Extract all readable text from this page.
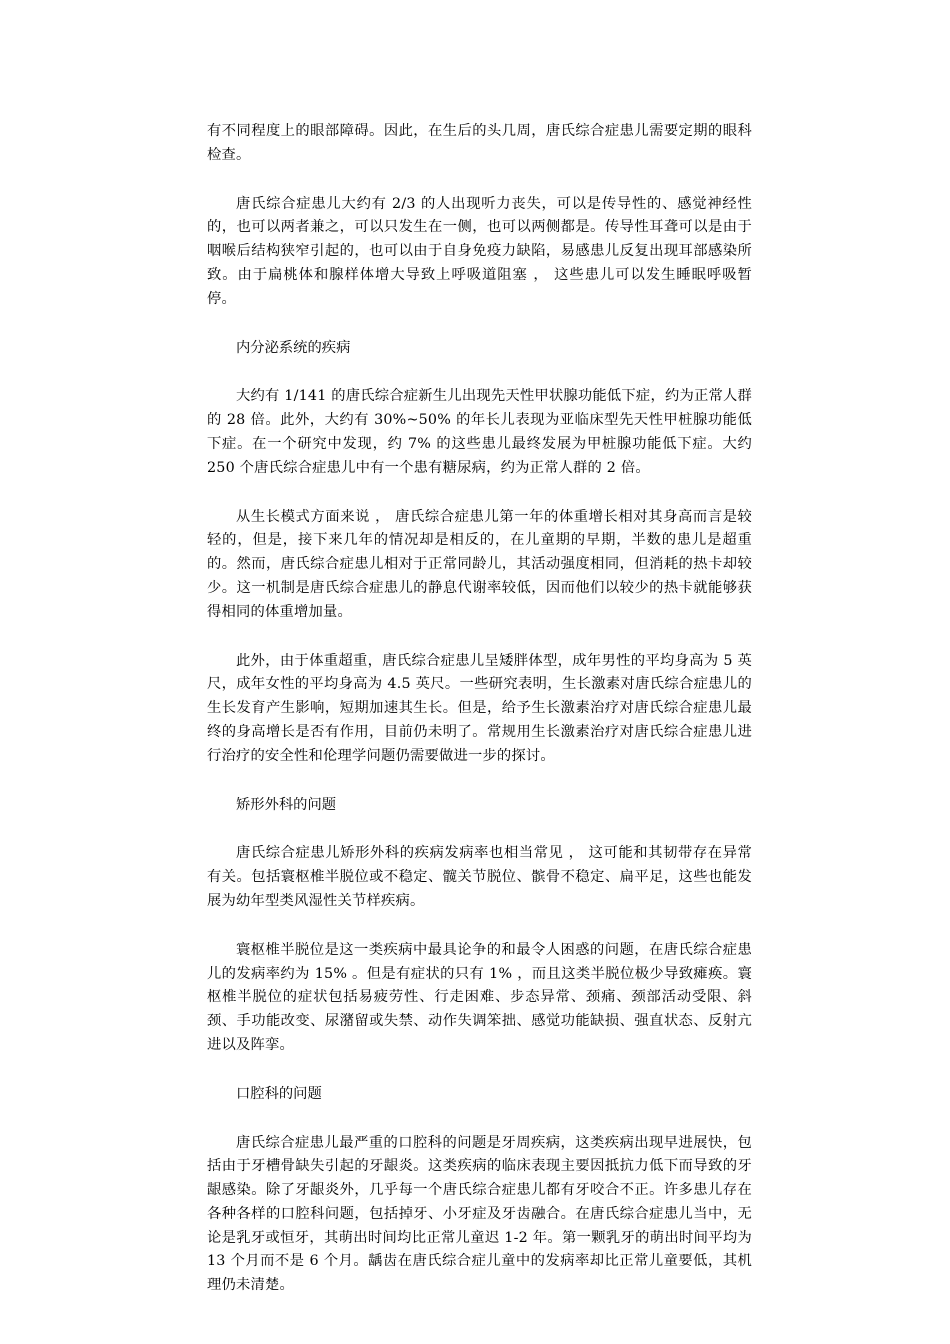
有不同程度上的眼部障碍。因此，在生后的头几周，唐氏综合症患儿需要定期的眼科检查。

唐氏综合症患儿大约有 2/3 的人出现听力丧失，可以是传导性的、感觉神经性的，也可以两者兼之，可以只发生在一侧，也可以两侧都是。传导性耳聋可以是由于咽喉后结构狭窄引起的，也可以由于自身免疫力缺陷，易感患儿反复出现耳部感染所致。由于扁桃体和腺样体增大导致上呼吸道阻塞 ， 这些患儿可以发生睡眠呼吸暂停。

内分泌系统的疾病

大约有 1/141 的唐氏综合症新生儿出现先天性甲状腺功能低下症，约为正常人群的 28 倍。此外，大约有 30%~50% 的年长儿表现为亚临床型先天性甲桩腺功能低下症。在一个研究中发现，约 7% 的这些患儿最终发展为甲桩腺功能低下症。大约 250 个唐氏综合症患儿中有一个患有糖尿病，约为正常人群的 2 倍。

从生长模式方面来说 ， 唐氏综合症患儿第一年的体重增长相对其身高而言是较轻的，但是，接下来几年的情况却是相反的，在儿童期的早期，半数的患儿是超重的。然而，唐氏综合症患儿相对于正常同龄儿，其活动强度相同，但消耗的热卡却较少。这一机制是唐氏综合症患儿的静息代谢率较低，因而他们以较少的热卡就能够获得相同的体重增加量。

此外，由于体重超重，唐氏综合症患儿呈矮胖体型，成年男性的平均身高为 5 英尺，成年女性的平均身高为 4.5 英尺。一些研究表明，生长激素对唐氏综合症患儿的生长发育产生影响，短期加速其生长。但是，给予生长激素治疗对唐氏综合症患儿最终的身高增长是否有作用，目前仍未明了。常规用生长激素治疗对唐氏综合症患儿进行治疗的安全性和伦理学问题仍需要做进一步的探讨。

矫形外科的问题

唐氏综合症患儿矫形外科的疾病发病率也相当常见 ， 这可能和其韧带存在异常有关。包括寰枢椎半脱位或不稳定、髋关节脱位、髌骨不稳定、扁平足，这些也能发展为幼年型类风湿性关节样疾病。

寰枢椎半脱位是这一类疾病中最具论争的和最令人困惑的问题，在唐氏综合症患儿的发病率约为 15% 。但是有症状的只有 1% ，而且这类半脱位极少导致瘫痪。寰枢椎半脱位的症状包括易疲劳性、行走困难、步态异常、颈痛、颈部活动受限、斜颈、手功能改变、尿潴留或失禁、动作失调笨拙、感觉功能缺损、强直状态、反射亢进以及阵挛。

口腔科的问题

唐氏综合症患儿最严重的口腔科的问题是牙周疾病，这类疾病出现早进展快，包括由于牙槽骨缺失引起的牙龈炎。这类疾病的临床表现主要因抵抗力低下而导致的牙龈感染。除了牙龈炎外，几乎每一个唐氏综合症患儿都有牙咬合不正。许多患儿存在各种各样的口腔科问题，包括掉牙、小牙症及牙齿融合。在唐氏综合症患儿当中，无论是乳牙或恒牙，其萌出时间均比正常儿童迟 1-2 年。第一颗乳牙的萌出时间平均为 13 个月而不是 6 个月。龋齿在唐氏综合症儿童中的发病率却比正常儿童要低，其机理仍未清楚。
